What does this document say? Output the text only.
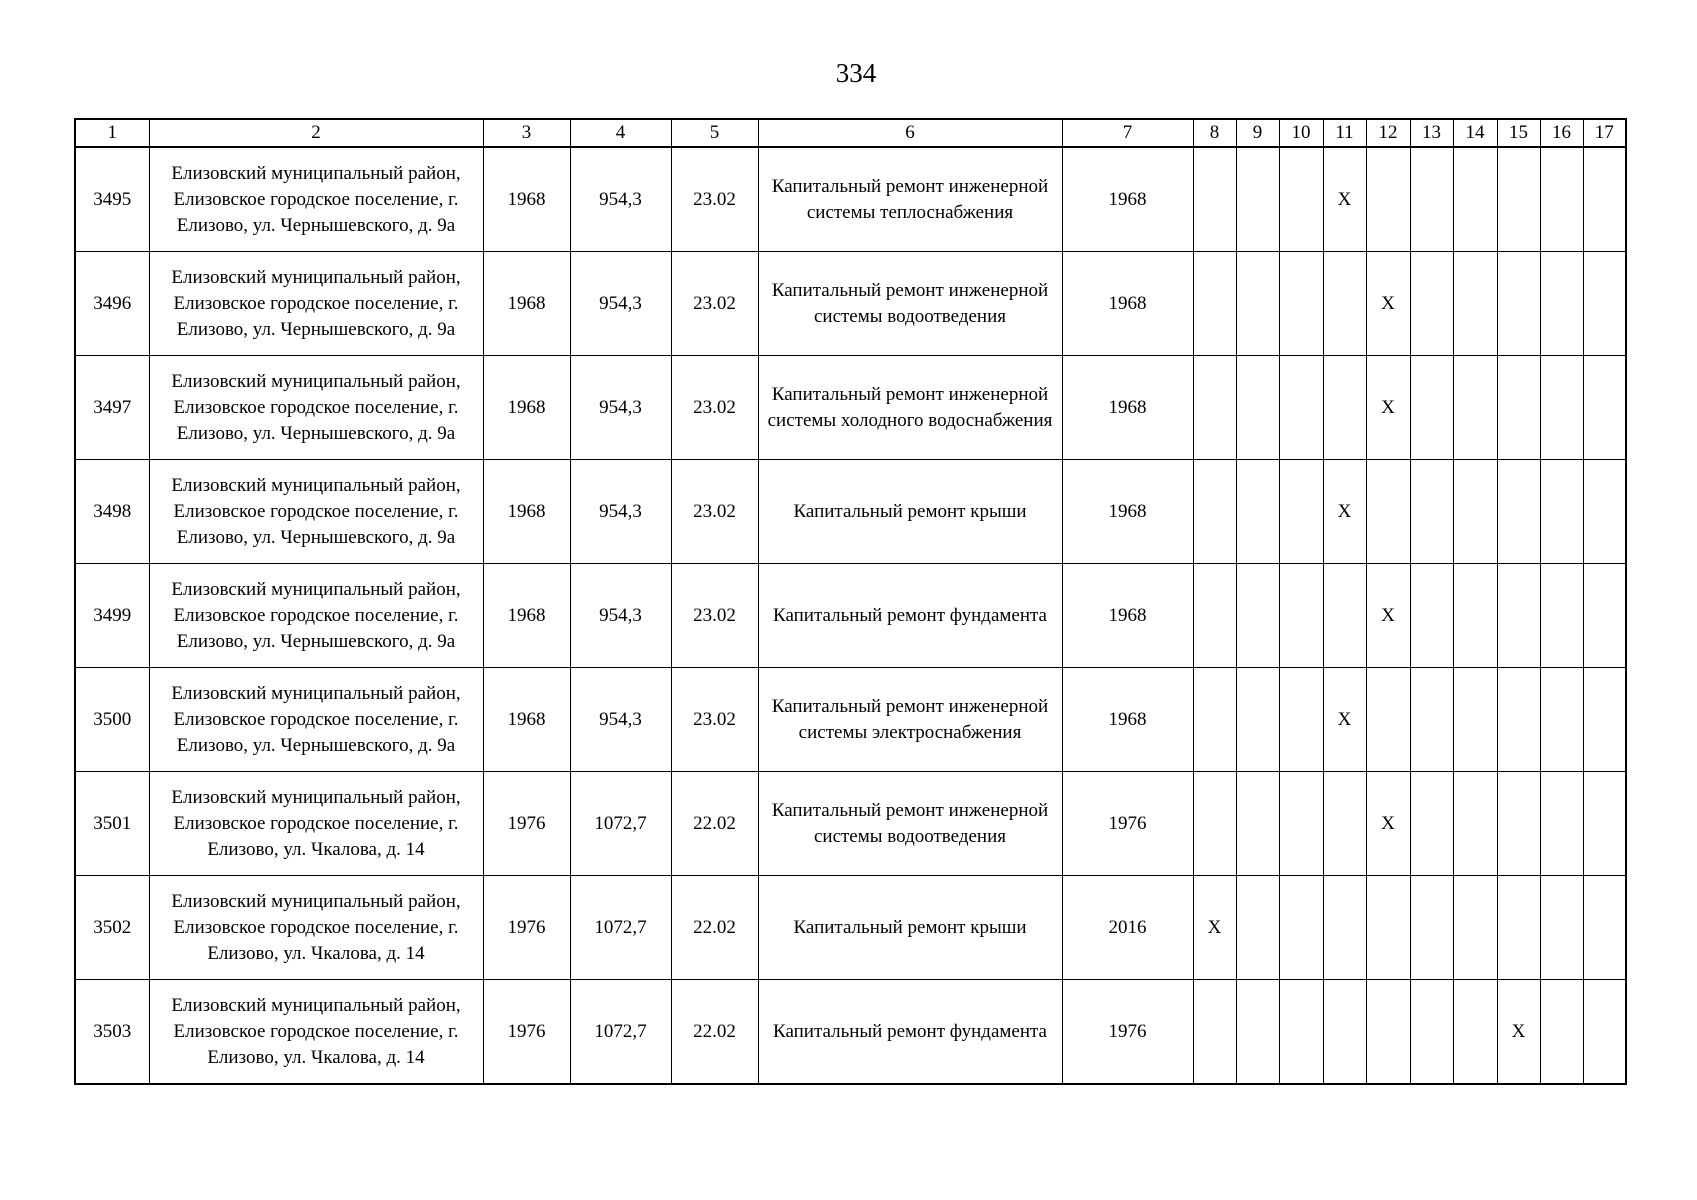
334
1	2	3	4	5	6	7	8	9	10	11	12	13	14	15	16	17
3495	Елизовский муниципальный район, Елизовское городское поселение, г. Елизово, ул. Чернышевского, д. 9а	1968	954,3	23.02	Капитальный ремонт инженерной системы теплоснабжения	1968				X						
3496	Елизовский муниципальный район, Елизовское городское поселение, г. Елизово, ул. Чернышевского, д. 9а	1968	954,3	23.02	Капитальный ремонт инженерной системы водоотведения	1968					X					
3497	Елизовский муниципальный район, Елизовское городское поселение, г. Елизово, ул. Чернышевского, д. 9а	1968	954,3	23.02	Капитальный ремонт инженерной системы холодного водоснабжения	1968					X					
3498	Елизовский муниципальный район, Елизовское городское поселение, г. Елизово, ул. Чернышевского, д. 9а	1968	954,3	23.02	Капитальный ремонт крыши	1968				X						
3499	Елизовский муниципальный район, Елизовское городское поселение, г. Елизово, ул. Чернышевского, д. 9а	1968	954,3	23.02	Капитальный ремонт фундамента	1968					X					
3500	Елизовский муниципальный район, Елизовское городское поселение, г. Елизово, ул. Чернышевского, д. 9а	1968	954,3	23.02	Капитальный ремонт инженерной системы электроснабжения	1968				X						
3501	Елизовский муниципальный район, Елизовское городское поселение, г. Елизово, ул. Чкалова, д. 14	1976	1072,7	22.02	Капитальный ремонт инженерной системы водоотведения	1976					X					
3502	Елизовский муниципальный район, Елизовское городское поселение, г. Елизово, ул. Чкалова, д. 14	1976	1072,7	22.02	Капитальный ремонт крыши	2016	X									
3503	Елизовский муниципальный район, Елизовское городское поселение, г. Елизово, ул. Чкалова, д. 14	1976	1072,7	22.02	Капитальный ремонт фундамента	1976								X		
